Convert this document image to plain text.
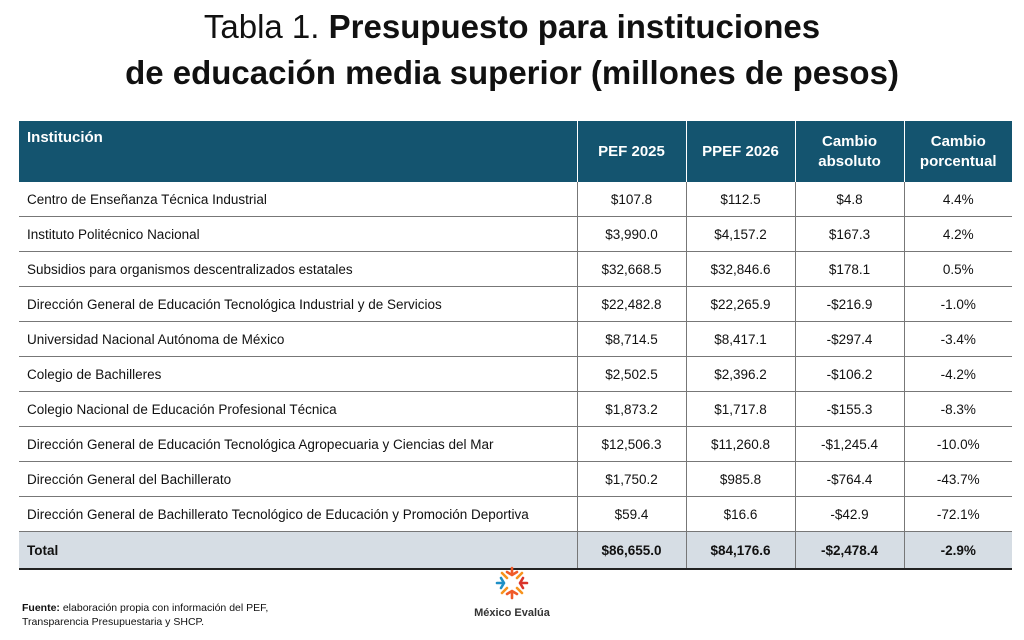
Tabla 1. Presupuesto para instituciones
de educación media superior (millones de pesos)
Institución	PEF 2025	PPEF 2026	Cambio absoluto	Cambio porcentual
Centro de Enseñanza Técnica Industrial	$107.8	$112.5	$4.8	4.4%
Instituto Politécnico Nacional	$3,990.0	$4,157.2	$167.3	4.2%
Subsidios para organismos descentralizados estatales	$32,668.5	$32,846.6	$178.1	0.5%
Dirección General de Educación Tecnológica Industrial y de Servicios	$22,482.8	$22,265.9	-$216.9	-1.0%
Universidad Nacional Autónoma de México	$8,714.5	$8,417.1	-$297.4	-3.4%
Colegio de Bachilleres	$2,502.5	$2,396.2	-$106.2	-4.2%
Colegio Nacional de Educación Profesional Técnica	$1,873.2	$1,717.8	-$155.3	-8.3%
Dirección General de Educación Tecnológica Agropecuaria y Ciencias del Mar	$12,506.3	$11,260.8	-$1,245.4	-10.0%
Dirección General del Bachillerato	$1,750.2	$985.8	-$764.4	-43.7%
Dirección General de Bachillerato Tecnológico de Educación y Promoción Deportiva	$59.4	$16.6	-$42.9	-72.1%
Total	$86,655.0	$84,176.6	-$2,478.4	-2.9%
Fuente: elaboración propia con información del PEF,
Transparencia Presupuestaria y SHCP.
México Evalúa
